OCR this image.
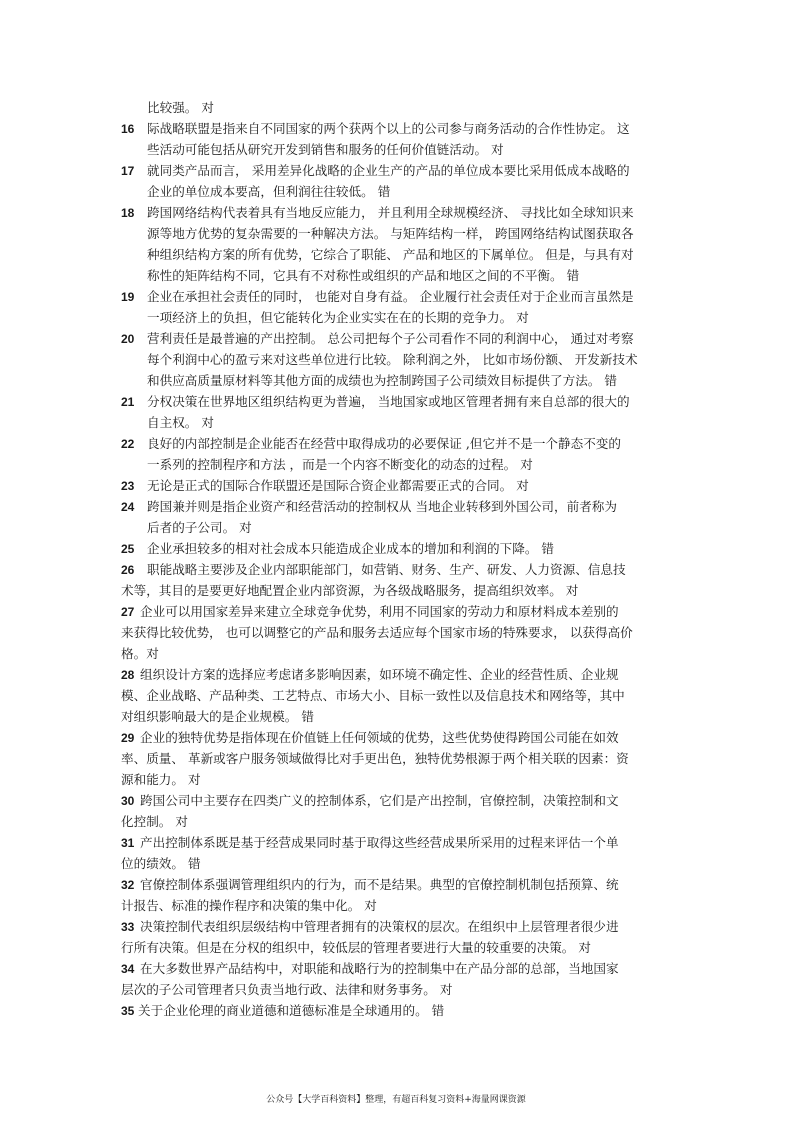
比较强。 对
16 际战略联盟是指来自不同国家的两个获两个以上的公司参与商务活动的合作性协定。 这
些活动可能包括从研究开发到销售和服务的任何价值链活动。 对
17 就同类产品而言， 采用差异化战略的企业生产的产品的单位成本要比采用低成本战略的
企业的单位成本要高，但利润往往较低。 错
18 跨国网络结构代表着具有当地反应能力， 并且利用全球规模经济、 寻找比如全球知识来
源等地方优势的复杂需要的一种解决方法。 与矩阵结构一样， 跨国网络结构试图获取各
种组织结构方案的所有优势，它综合了职能、 产品和地区的下属单位。 但是，与具有对
称性的矩阵结构不同，它具有不对称性或组织的产品和地区之间的不平衡。 错
19 企业在承担社会责任的同时， 也能对自身有益。 企业履行社会责任对于企业而言虽然是
一项经济上的负担，但它能转化为企业实实在在的长期的竞争力。 对
20 营利责任是最普遍的产出控制。 总公司把每个子公司看作不同的利润中心， 通过对考察
每个利润中心的盈亏来对这些单位进行比较。 除利润之外， 比如市场份额、 开发新技术
和供应高质量原材料等其他方面的成绩也为控制跨国子公司绩效目标提供了方法。 错
21 分权决策在世界地区组织结构更为普遍， 当地国家或地区管理者拥有来自总部的很大的
自主权。 对
22 良好的内部控制是企业能否在经营中取得成功的必要保证 ,但它并不是一个静态不变的
一系列的控制程序和方法 ，而是一个内容不断变化的动态的过程。 对
23 无论是正式的国际合作联盟还是国际合资企业都需要正式的合同。 对
24 跨国兼并则是指企业资产和经营活动的控制权从 当地企业转移到外国公司，前者称为
后者的子公司。 对
25 企业承担较多的相对社会成本只能造成企业成本的增加和利润的下降。 错
26 职能战略主要涉及企业内部职能部门，如营销、财务、生产、研发、人力资源、信息技
术等，其目的是要更好地配置企业内部资源，为各级战略服务，提高组织效率。 对
27 企业可以用国家差异来建立全球竞争优势，利用不同国家的劳动力和原材料成本差别的
来获得比较优势， 也可以调整它的产品和服务去适应每个国家市场的特殊要求， 以获得高价
格。对
28 组织设计方案的选择应考虑诸多影响因素，如环境不确定性、企业的经营性质、企业规
模、企业战略、产品种类、工艺特点、市场大小、目标一致性以及信息技术和网络等，其中
对组织影响最大的是企业规模。 错
29 企业的独特优势是指体现在价值链上任何领域的优势，这些优势使得跨国公司能在如效
率、质量、 革新或客户服务领域做得比对手更出色，独特优势根源于两个相关联的因素：资
源和能力。 对
30 跨国公司中主要存在四类广义的控制体系，它们是产出控制，官僚控制，决策控制和文
化控制。 对
31 产出控制体系既是基于经营成果同时基于取得这些经营成果所采用的过程来评估一个单
位的绩效。 错
32 官僚控制体系强调管理组织内的行为，而不是结果。典型的官僚控制机制包括预算、统
计报告、标准的操作程序和决策的集中化。 对
33 决策控制代表组织层级结构中管理者拥有的决策权的层次。在组织中上层管理者很少进
行所有决策。但是在分权的组织中，较低层的管理者要进行大量的较重要的决策。 对
34 在大多数世界产品结构中，对职能和战略行为的控制集中在产品分部的总部，当地国家
层次的子公司管理者只负责当地行政、法律和财务事务。 对
35 关于企业伦理的商业道德和道德标准是全球通用的。 错
公众号【大学百科资料】整理，有超百科复习资料+海量网课资源
